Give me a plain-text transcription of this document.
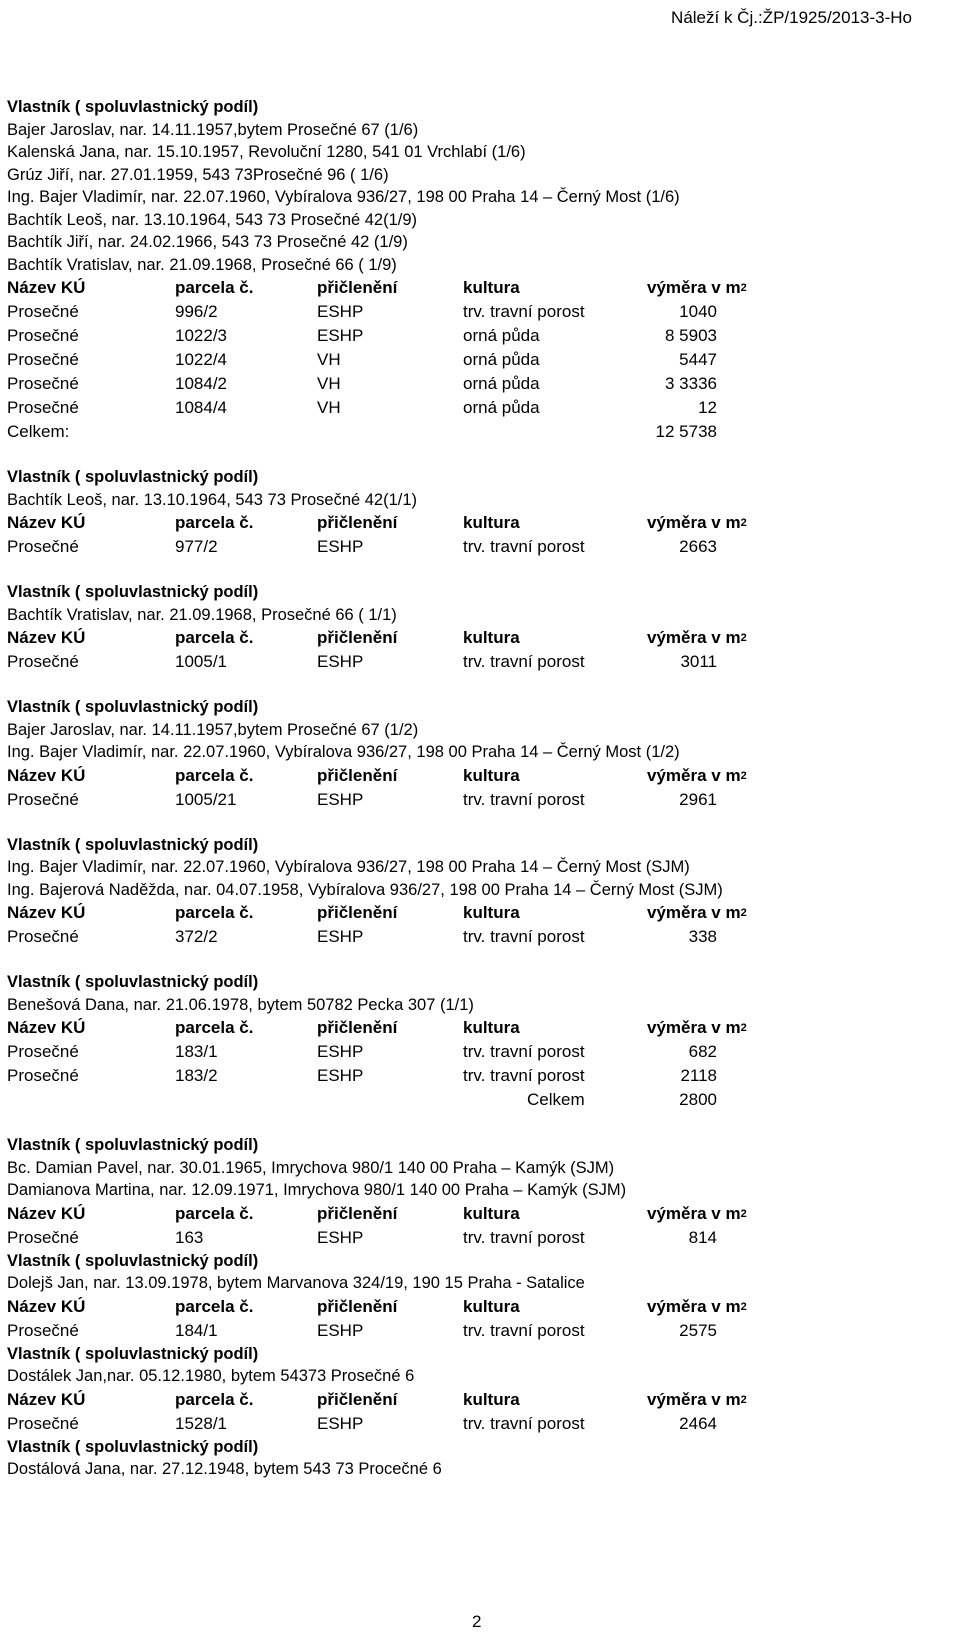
Náleží k Čj.:ŽP/1925/2013-3-Ho
Vlastník ( spoluvlastnický podíl)
Bajer Jaroslav, nar. 14.11.1957,bytem Prosečné 67 (1/6)
Kalenská Jana, nar. 15.10.1957, Revoluční 1280, 541 01 Vrchlabí (1/6)
Grúz Jiří, nar. 27.01.1959, 543 73Prosečné 96 ( 1/6)
Ing. Bajer Vladimír, nar. 22.07.1960, Vybíralova 936/27, 198 00 Praha 14 – Černý Most (1/6)
Bachtík Leoš, nar. 13.10.1964, 543 73 Prosečné 42(1/9)
Bachtík Jiří, nar. 24.02.1966, 543 73 Prosečné 42 (1/9)
Bachtík Vratislav, nar. 21.09.1968, Prosečné 66 ( 1/9)
Název KÚ	parcela č.	přičlenění	kultura	výměra v $m^2$
Prosečné	996/2	ESHP	trv. travní porost	1040
Prosečné	1022/3	ESHP	orná půda	8 5903
Prosečné	1022/4	VH	orná půda	5447
Prosečné	1084/2	VH	orná půda	3 3336
Prosečné	1084/4	VH	orná půda	12
Celkem:	12 5738
Vlastník ( spoluvlastnický podíl)
Bachtík Leoš, nar. 13.10.1964, 543 73 Prosečné 42(1/1)
Název KÚ	parcela č.	přičlenění	kultura	výměra v $m^2$
Prosečné	977/2	ESHP	trv. travní porost	2663
Vlastník ( spoluvlastnický podíl)
Bachtík Vratislav, nar. 21.09.1968, Prosečné 66 ( 1/1)
Název KÚ	parcela č.	přičlenění	kultura	výměra v $m^2$
Prosečné	1005/1	ESHP	trv. travní porost	3011
Vlastník ( spoluvlastnický podíl)
Bajer Jaroslav, nar. 14.11.1957,bytem Prosečné 67 (1/2)
Ing. Bajer Vladimír, nar. 22.07.1960, Vybíralova 936/27, 198 00 Praha 14 – Černý Most (1/2)
Název KÚ	parcela č.	přičlenění	kultura	výměra v $m^2$
Prosečné	1005/21	ESHP	trv. travní porost	2961
Vlastník ( spoluvlastnický podíl)
Ing. Bajer Vladimír, nar. 22.07.1960, Vybíralova 936/27, 198 00 Praha 14 – Černý Most (SJM)
Ing. Bajerová Naděžda, nar. 04.07.1958, Vybíralova 936/27, 198 00 Praha 14 – Černý Most (SJM)
Název KÚ	parcela č.	přičlenění	kultura	výměra v $m^2$
Prosečné	372/2	ESHP	trv. travní porost	338
Vlastník ( spoluvlastnický podíl)
Benešová Dana, nar. 21.06.1978, bytem 50782 Pecka 307 (1/1)
Název KÚ	parcela č.	přičlenění	kultura	výměra v $m^2$
Prosečné	183/1	ESHP	trv. travní porost	682
Prosečné	183/2	ESHP	trv. travní porost	2118
Celkem	2800
Vlastník ( spoluvlastnický podíl)
Bc. Damian Pavel, nar. 30.01.1965, Imrychova 980/1 140 00 Praha – Kamýk (SJM)
Damianova Martina, nar. 12.09.1971, Imrychova 980/1 140 00 Praha – Kamýk (SJM)
Název KÚ	parcela č.	přičlenění	kultura	výměra v $m^2$
Prosečné	163	ESHP	trv. travní porost	814
Vlastník ( spoluvlastnický podíl)
Dolejš Jan, nar. 13.09.1978, bytem Marvanova 324/19, 190 15 Praha - Satalice
Název KÚ	parcela č.	přičlenění	kultura	výměra v $m^2$
Prosečné	184/1	ESHP	trv. travní porost	2575
Vlastník ( spoluvlastnický podíl)
Dostálek Jan,nar. 05.12.1980, bytem 54373 Prosečné 6
Název KÚ	parcela č.	přičlenění	kultura	výměra v $m^2$
Prosečné	1528/1	ESHP	trv. travní porost	2464
Vlastník ( spoluvlastnický podíl)
Dostálová Jana, nar. 27.12.1948, bytem 543 73 Procečné 6
2
